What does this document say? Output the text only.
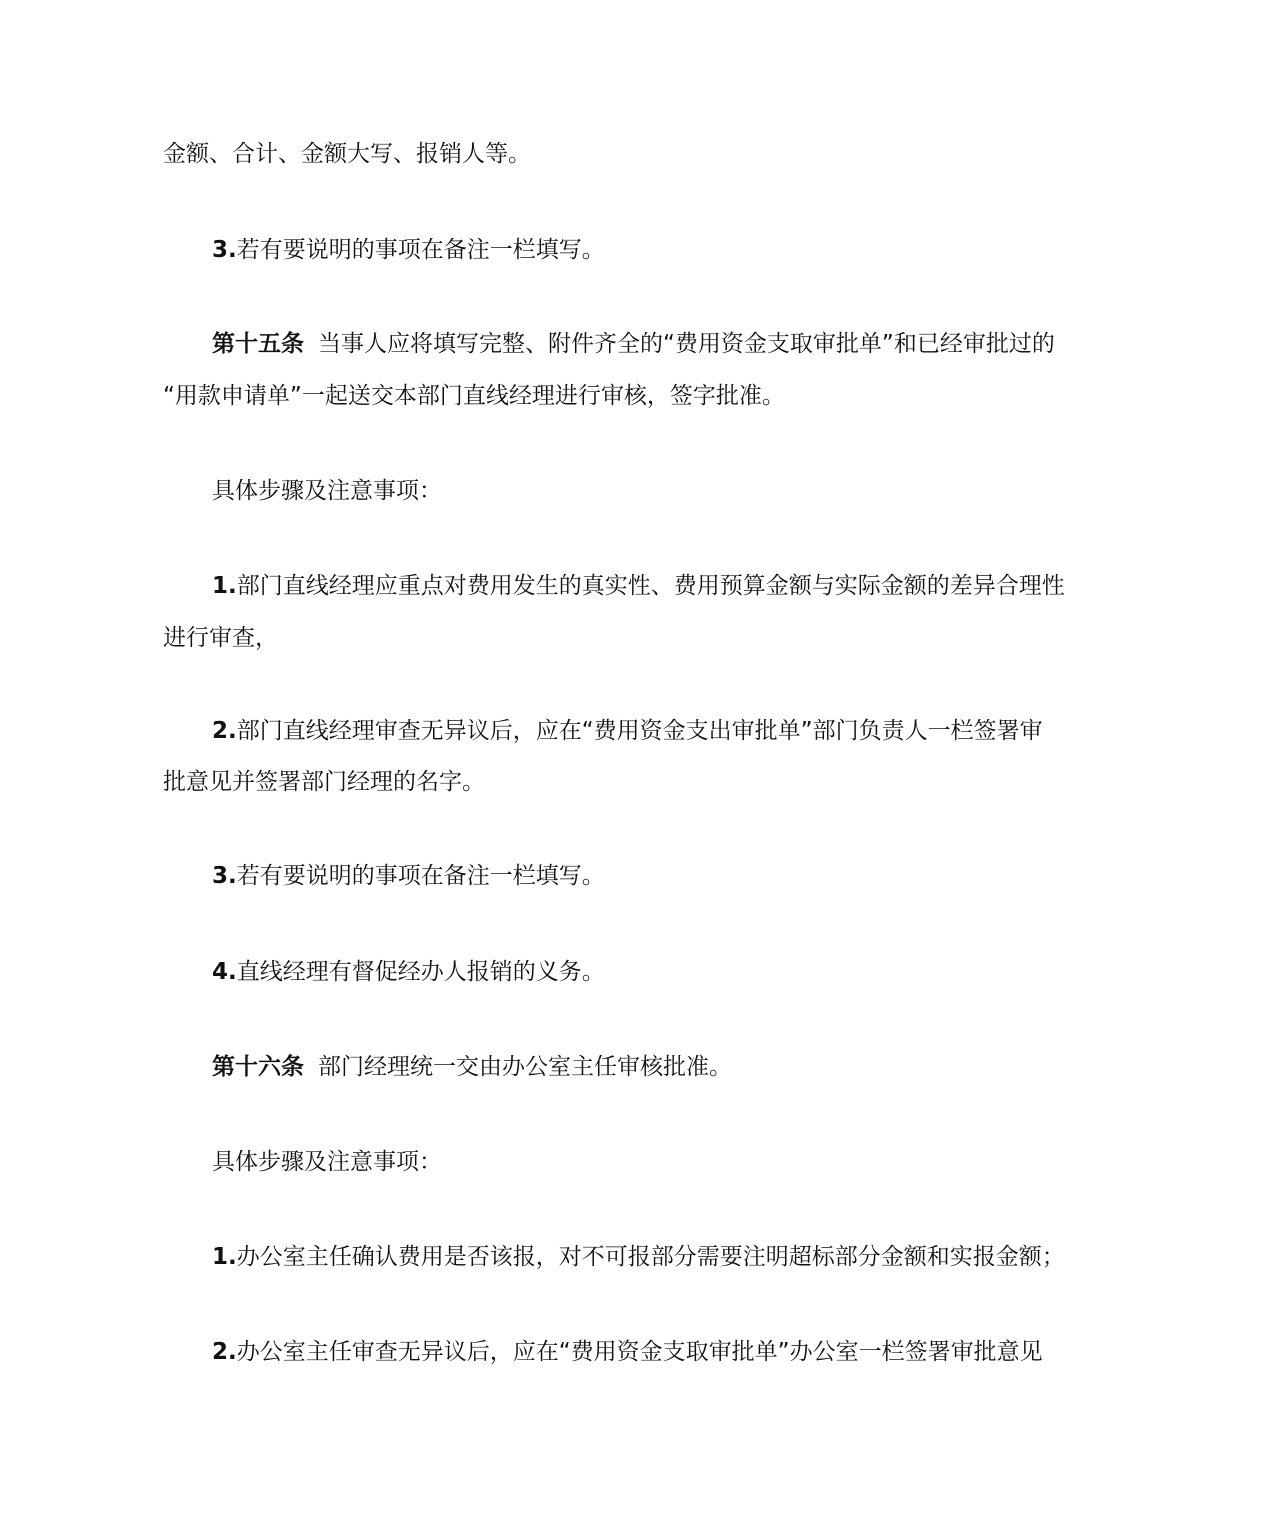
金额、合计、金额大写、报销人等。
3.若有要说明的事项在备注一栏填写。
第十五条 当事人应将填写完整、附件齐全的“费用资金支取审批单”和已经审批过的
“用款申请单”一起送交本部门直线经理进行审核，签字批准。
具体步骤及注意事项：
1.部门直线经理应重点对费用发生的真实性、费用预算金额与实际金额的差异合理性
进行审查，
2.部门直线经理审查无异议后，应在“费用资金支出审批单”部门负责人一栏签署审
批意见并签署部门经理的名字。
3.若有要说明的事项在备注一栏填写。
4.直线经理有督促经办人报销的义务。
第十六条 部门经理统一交由办公室主任审核批准。
具体步骤及注意事项：
1.办公室主任确认费用是否该报，对不可报部分需要注明超标部分金额和实报金额；
2.办公室主任审查无异议后，应在“费用资金支取审批单”办公室一栏签署审批意见
